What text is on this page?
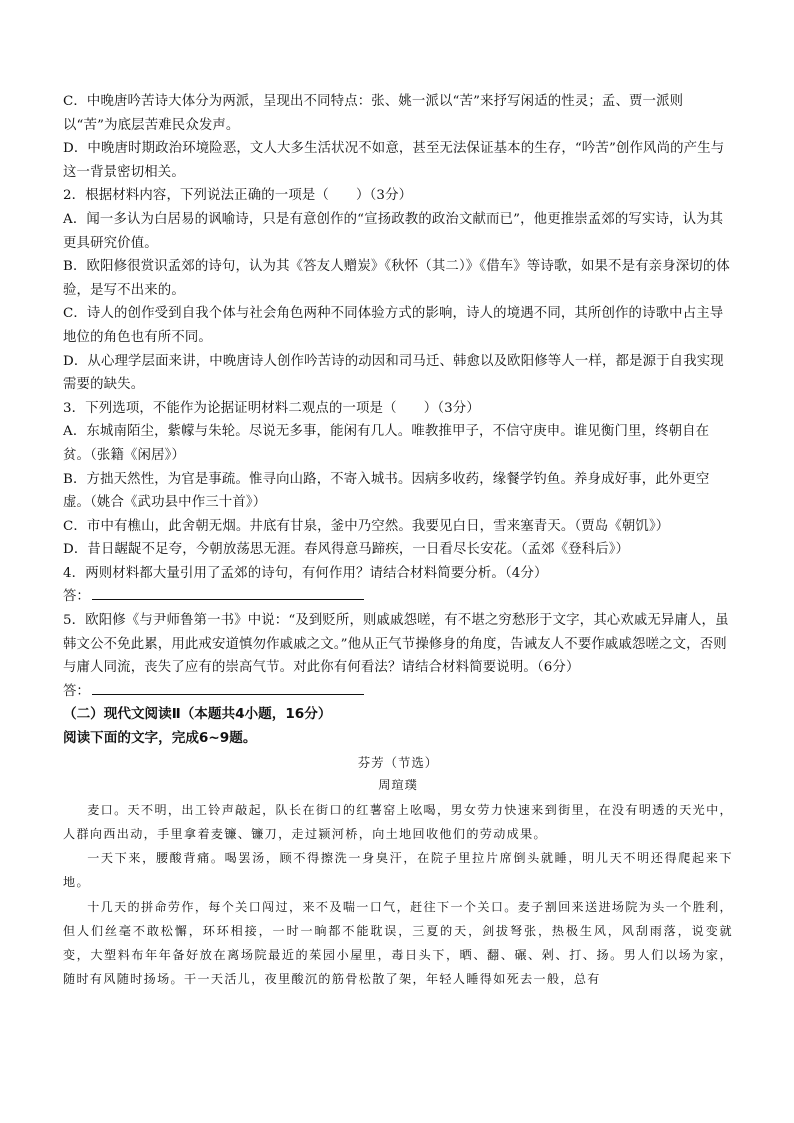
C．中晚唐吟苦诗大体分为两派，呈现出不同特点：张、姚一派以“苦”来抒写闲适的性灵；孟、贾一派则以“苦”为底层苦难民众发声。

D．中晚唐时期政治环境险恶，文人大多生活状况不如意，甚至无法保证基本的生存，“吟苦”创作风尚的产生与这一背景密切相关。

2．根据材料内容，下列说法正确的一项是（　　）（3分）

A．闻一多认为白居易的讽喻诗，只是有意创作的“宣扬政教的政治文献而已”，他更推崇孟郊的写实诗，认为其更具研究价值。

B．欧阳修很赏识孟郊的诗句，认为其《答友人赠炭》《秋怀（其二）》《借车》等诗歌，如果不是有亲身深切的体验，是写不出来的。

C．诗人的创作受到自我个体与社会角色两种不同体验方式的影响，诗人的境遇不同，其所创作的诗歌中占主导地位的角色也有所不同。

D．从心理学层面来讲，中晚唐诗人创作吟苦诗的动因和司马迁、韩愈以及欧阳修等人一样，都是源于自我实现需要的缺失。

3．下列选项，不能作为论据证明材料二观点的一项是（　　）（3分）

A．东城南陌尘，紫幪与朱轮。尽说无多事，能闲有几人。唯教推甲子，不信守庚申。谁见衡门里，终朝自在贫。（张籍《闲居》）

B．方拙天然性，为官是事疏。惟寻向山路，不寄入城书。因病多收药，缘餐学钓鱼。养身成好事，此外更空虚。（姚合《武功县中作三十首》）

C．市中有樵山，此舍朝无烟。井底有甘泉，釜中乃空然。我要见白日，雪来塞青天。（贾岛《朝饥》）

D．昔日龌龊不足夸，今朝放荡思无涯。春风得意马蹄疾，一日看尽长安花。（孟郊《登科后》）

4．两则材料都大量引用了孟郊的诗句，有何作用？请结合材料简要分析。（4分）

答：

5．欧阳修《与尹师鲁第一书》中说：“及到贬所，则戚戚怨嗟，有不堪之穷愁形于文字，其心欢戚无异庸人，虽韩文公不免此累，用此戒安道慎勿作戚戚之文。”他从正气节操修身的角度，告诫友人不要作戚戚怨嗟之文，否则与庸人同流，丧失了应有的崇高气节。对此你有何看法？请结合材料简要说明。（6分）

答：

（二）现代文阅读Ⅱ（本题共4小题，16分）

阅读下面的文字，完成6~9题。

芬芳（节选）

周瑄璞

麦口。天不明，出工铃声敲起，队长在街口的红薯窑上吆喝，男女劳力快速来到街里，在没有明透的天光中，人群向西出动，手里拿着麦镰、镰刀，走过颍河桥，向土地回收他们的劳动成果。

一天下来，腰酸背痛。喝罢汤，顾不得擦洗一身臭汗，在院子里拉片席倒头就睡，明儿天不明还得爬起来下地。

十几天的拼命劳作，每个关口闯过，来不及喘一口气，赶往下一个关口。麦子割回来送进场院为头一个胜利，但人们丝毫不敢松懈，环环相接，一时一晌都不能耽误，三夏的天，剑拔弩张，热极生风，风刮雨落，说变就变，大塑料布年年备好放在离场院最近的茱园小屋里，毒日头下，晒、翻、碾、剁、打、扬。男人们以场为家，随时有风随时扬场。干一天活儿，夜里酸沉的筋骨松散了架，年轻人睡得如死去一般，总有
